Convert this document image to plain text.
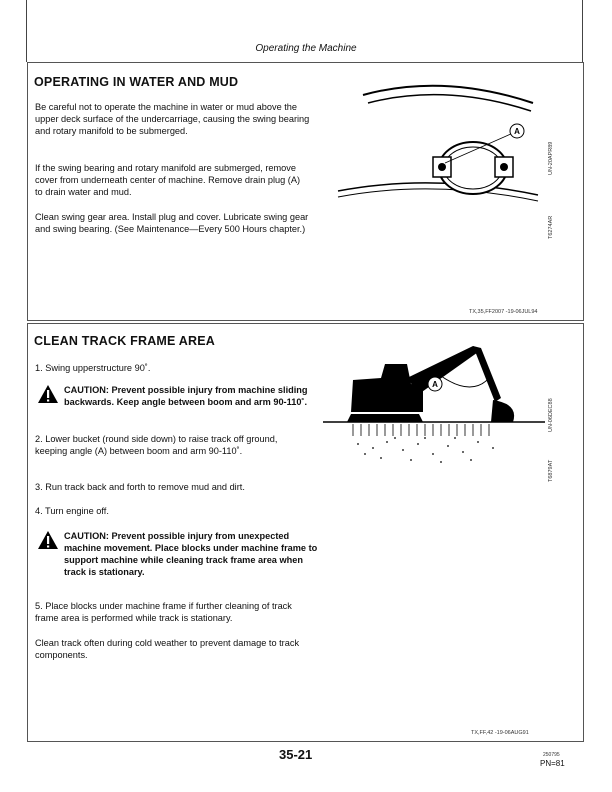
Operating the Machine
OPERATING IN WATER AND MUD

Be careful not to operate the machine in water or mud above the upper deck surface of the undercarriage, causing the swing bearing and rotary manifold to be submerged.

If the swing bearing and rotary manifold are submerged, remove cover from underneath center of machine. Remove drain plug (A) to drain water and mud.

Clean swing gear area. Install plug and cover. Lubricate swing gear and swing bearing. (See Maintenance—Every 500 Hours chapter.)

A
UN-20APR89
T6274AR
TX,35,FF2007 -19-06JUL94
CLEAN TRACK FRAME AREA

1. Swing upperstructure 90˚.

CAUTION: Prevent possible injury from machine sliding backwards. Keep angle between boom and arm 90-110˚.

2. Lower bucket (round side down) to raise track off ground, keeping angle (A) between boom and arm 90-110˚.

3. Run track back and forth to remove mud and dirt.

4. Turn engine off.

CAUTION: Prevent possible injury from unexpected machine movement. Place blocks under machine frame to support machine while cleaning track frame area when track is stationary.

5. Place blocks under machine frame if further cleaning of track frame area is performed while track is stationary.

Clean track often during cold weather to prevent damage to track components.

A
UN-06DEC88
T6879AT
TX,FF,42 -19-06AUG91
35-21	250795
PN=81
